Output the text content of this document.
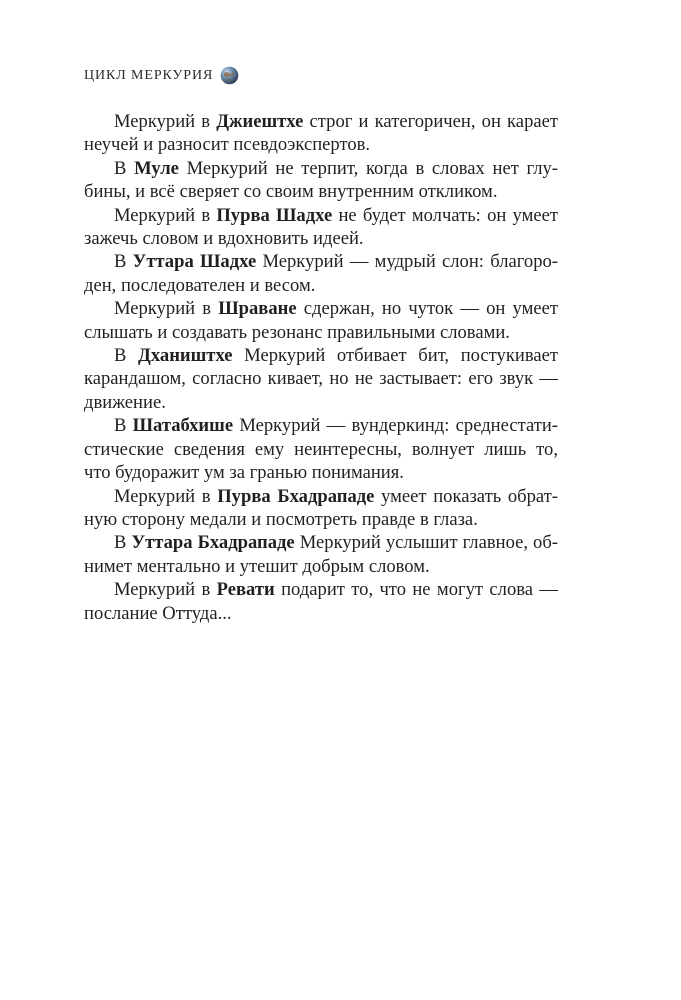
ЦИКЛ МЕРКУРИЯ

Меркурий в Джиештхе строг и категоричен, он карает

неучей и разносит псевдоэкспертов.

В Муле Меркурий не терпит, когда в словах нет глу-

бины, и всё сверяет со своим внутренним откликом.

Меркурий в Пурва Шадхе не будет молчать: он умеет

зажечь словом и вдохновить идеей.

В Уттара Шадхе Меркурий — мудрый слон: благоро-

ден, последователен и весом.

Меркурий в Шраване сдержан, но чуток — он умеет

слышать и создавать резонанс правильными словами.

В Дхаништхе Меркурий отбивает бит, постукивает

карандашом, согласно кивает, но не застывает: его звук —

движение.

В Шатабхише Меркурий — вундеркинд: среднестати-

стические сведения ему неинтересны, волнует лишь то,

что будоражит ум за гранью понимания.

Меркурий в Пурва Бхадрападе умеет показать обрат-

ную сторону медали и посмотреть правде в глаза.

В Уттара Бхадрападе Меркурий услышит главное, об-

нимет ментально и утешит добрым словом.

Меркурий в Ревати подарит то, что не могут слова —

послание Оттуда...
